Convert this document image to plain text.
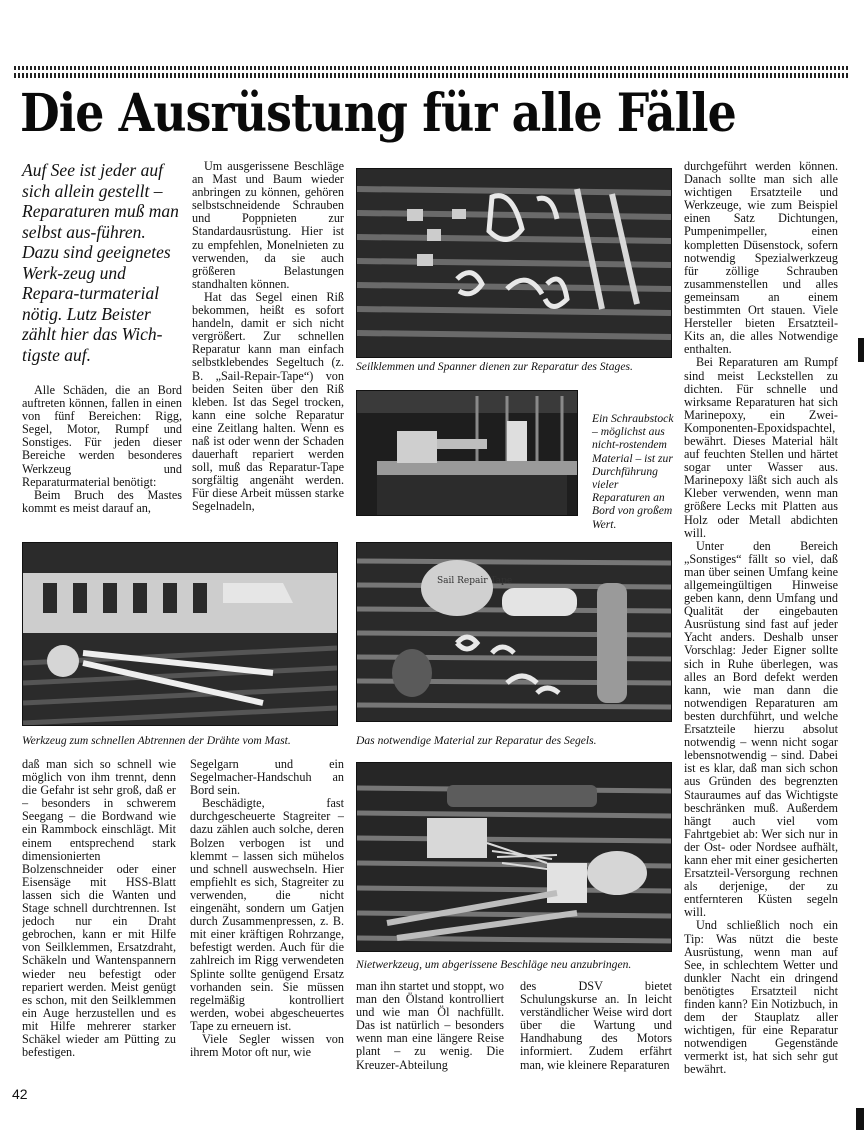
Die Ausrüstung für alle Fälle
Auf See ist jeder auf sich allein gestellt – Reparaturen muß man selbst aus-führen. Dazu sind geeignetes Werk-zeug und Repara-turmaterial nötig. Lutz Beister zählt hier das Wich-tigste auf.

Alle Schäden, die an Bord auftreten können, fallen in einen von fünf Bereichen: Rigg, Segel, Motor, Rumpf und Sonstiges. Für jeden dieser Bereiche werden besonderes Werkzeug und Reparaturmaterial benötigt:

Beim Bruch des Mastes kommt es meist darauf an,

Um ausgerissene Beschläge an Mast und Baum wieder anbringen zu können, gehören selbstschneidende Schrauben und Poppnieten zur Standardausrüstung. Hier ist zu empfehlen, Monelnieten zu verwenden, da sie auch größeren Belastungen standhalten können.

Hat das Segel einen Riß bekommen, heißt es sofort handeln, damit er sich nicht vergrößert. Zur schnellen Reparatur kann man einfach selbstklebendes Segeltuch (z. B. „Sail-Repair-Tape“) von beiden Seiten über den Riß kleben. Ist das Segel trocken, kann eine solche Reparatur eine Zeitlang halten. Wenn es naß ist oder wenn der Schaden dauerhaft repariert werden soll, muß das Reparatur-Tape sorgfältig angenäht werden. Für diese Arbeit müssen starke Segelnadeln,

Seilklemmen und Spanner dienen zur Reparatur des Stages.
Ein Schraubstock – möglichst aus nicht-rostendem Material – ist zur Durchführung vieler Reparaturen an Bord von großem Wert.
Werkzeug zum schnellen Abtrennen der Drähte vom Mast.
Sail Repair Tape
Das notwendige Material zur Reparatur des Segels.

daß man sich so schnell wie möglich von ihm trennt, denn die Gefahr ist sehr groß, daß er – besonders in schwerem Seegang – die Bordwand wie ein Rammbock einschlägt. Mit einem entsprechend stark dimensionierten Bolzenschneider oder einer Eisensäge mit HSS-Blatt lassen sich die Wanten und Stage schnell durchtrennen. Ist jedoch nur ein Draht gebrochen, kann er mit Hilfe von Seilklemmen, Ersatzdraht, Schäkeln und Wantenspannern wieder neu befestigt oder repariert werden. Meist genügt es schon, mit den Seilklemmen ein Auge herzustellen und es mit Hilfe mehrerer starker Schäkel wieder am Pütting zu befestigen.

Segelgarn und ein Segelmacher-Handschuh an Bord sein.

Beschädigte, fast durchgescheuerte Stagreiter – dazu zählen auch solche, deren Bolzen verbogen ist und klemmt – lassen sich mühelos und schnell auswechseln. Hier empfiehlt es sich, Stagreiter zu verwenden, die nicht eingenäht, sondern um Gatjen durch Zusammenpressen, z. B. mit einer kräftigen Rohrzange, befestigt werden. Auch für die zahlreich im Rigg verwendeten Splinte sollte genügend Ersatz vorhanden sein. Sie müssen regelmäßig kontrolliert werden, wobei abgescheuertes Tape zu erneuern ist.

Viele Segler wissen von ihrem Motor oft nur, wie

Nietwerkzeug, um abgerissene Beschläge neu anzubringen.

man ihn startet und stoppt, wo man den Ölstand kontrolliert und wie man Öl nachfüllt. Das ist natürlich – besonders wenn man eine längere Reise plant – zu wenig. Die Kreuzer-Abteilung

des DSV bietet Schulungskurse an. In leicht verständlicher Weise wird dort über die Wartung und Handhabung des Motors informiert. Zudem erfährt man, wie kleinere Reparaturen

durchgeführt werden können. Danach sollte man sich alle wichtigen Ersatzteile und Werkzeuge, wie zum Beispiel einen Satz Dichtungen, Pumpenimpeller, einen kompletten Düsenstock, sofern notwendig Spezialwerkzeug für zöllige Schrauben zusammenstellen und alles gemeinsam an einem bestimmten Ort stauen. Viele Hersteller bieten Ersatzteil-Kits an, die alles Notwendige enthalten.

Bei Reparaturen am Rumpf sind meist Leckstellen zu dichten. Für schnelle und wirksame Reparaturen hat sich Marinepoxy, ein Zwei-Komponenten-Epoxidspachtel, bewährt. Dieses Material hält auf feuchten Stellen und härtet sogar unter Wasser aus. Marinepoxy läßt sich auch als Kleber verwenden, wenn man größere Lecks mit Platten aus Holz oder Metall abdichten will.

Unter den Bereich „Sonstiges“ fällt so viel, daß man über seinen Umfang keine allgemeingültigen Hinweise geben kann, denn Umfang und Qualität der eingebauten Ausrüstung sind fast auf jeder Yacht anders. Deshalb unser Vorschlag: Jeder Eigner sollte sich in Ruhe überlegen, was alles an Bord defekt werden kann, wie man dann die notwendigen Reparaturen am besten durchführt, und welche Ersatzteile hierzu absolut notwendig – wenn nicht sogar lebensnotwendig – sind. Dabei ist es klar, daß man sich schon aus Gründen des begrenzten Stauraumes auf das Wichtigste beschränken muß. Außerdem hängt auch viel vom Fahrtgebiet ab: Wer sich nur in der Ost- oder Nordsee aufhält, kann eher mit einer gesicherten Ersatzteil-Versorgung rechnen als derjenige, der zu entfernteren Küsten segeln will.

Und schließlich noch ein Tip: Was nützt die beste Ausrüstung, wenn man auf See, in schlechtem Wetter und dunkler Nacht ein dringend benötigtes Ersatzteil nicht finden kann? Ein Notizbuch, in dem der Stauplatz aller wichtigen, für eine Reparatur notwendigen Gegenstände vermerkt ist, hat sich sehr gut bewährt.

42
